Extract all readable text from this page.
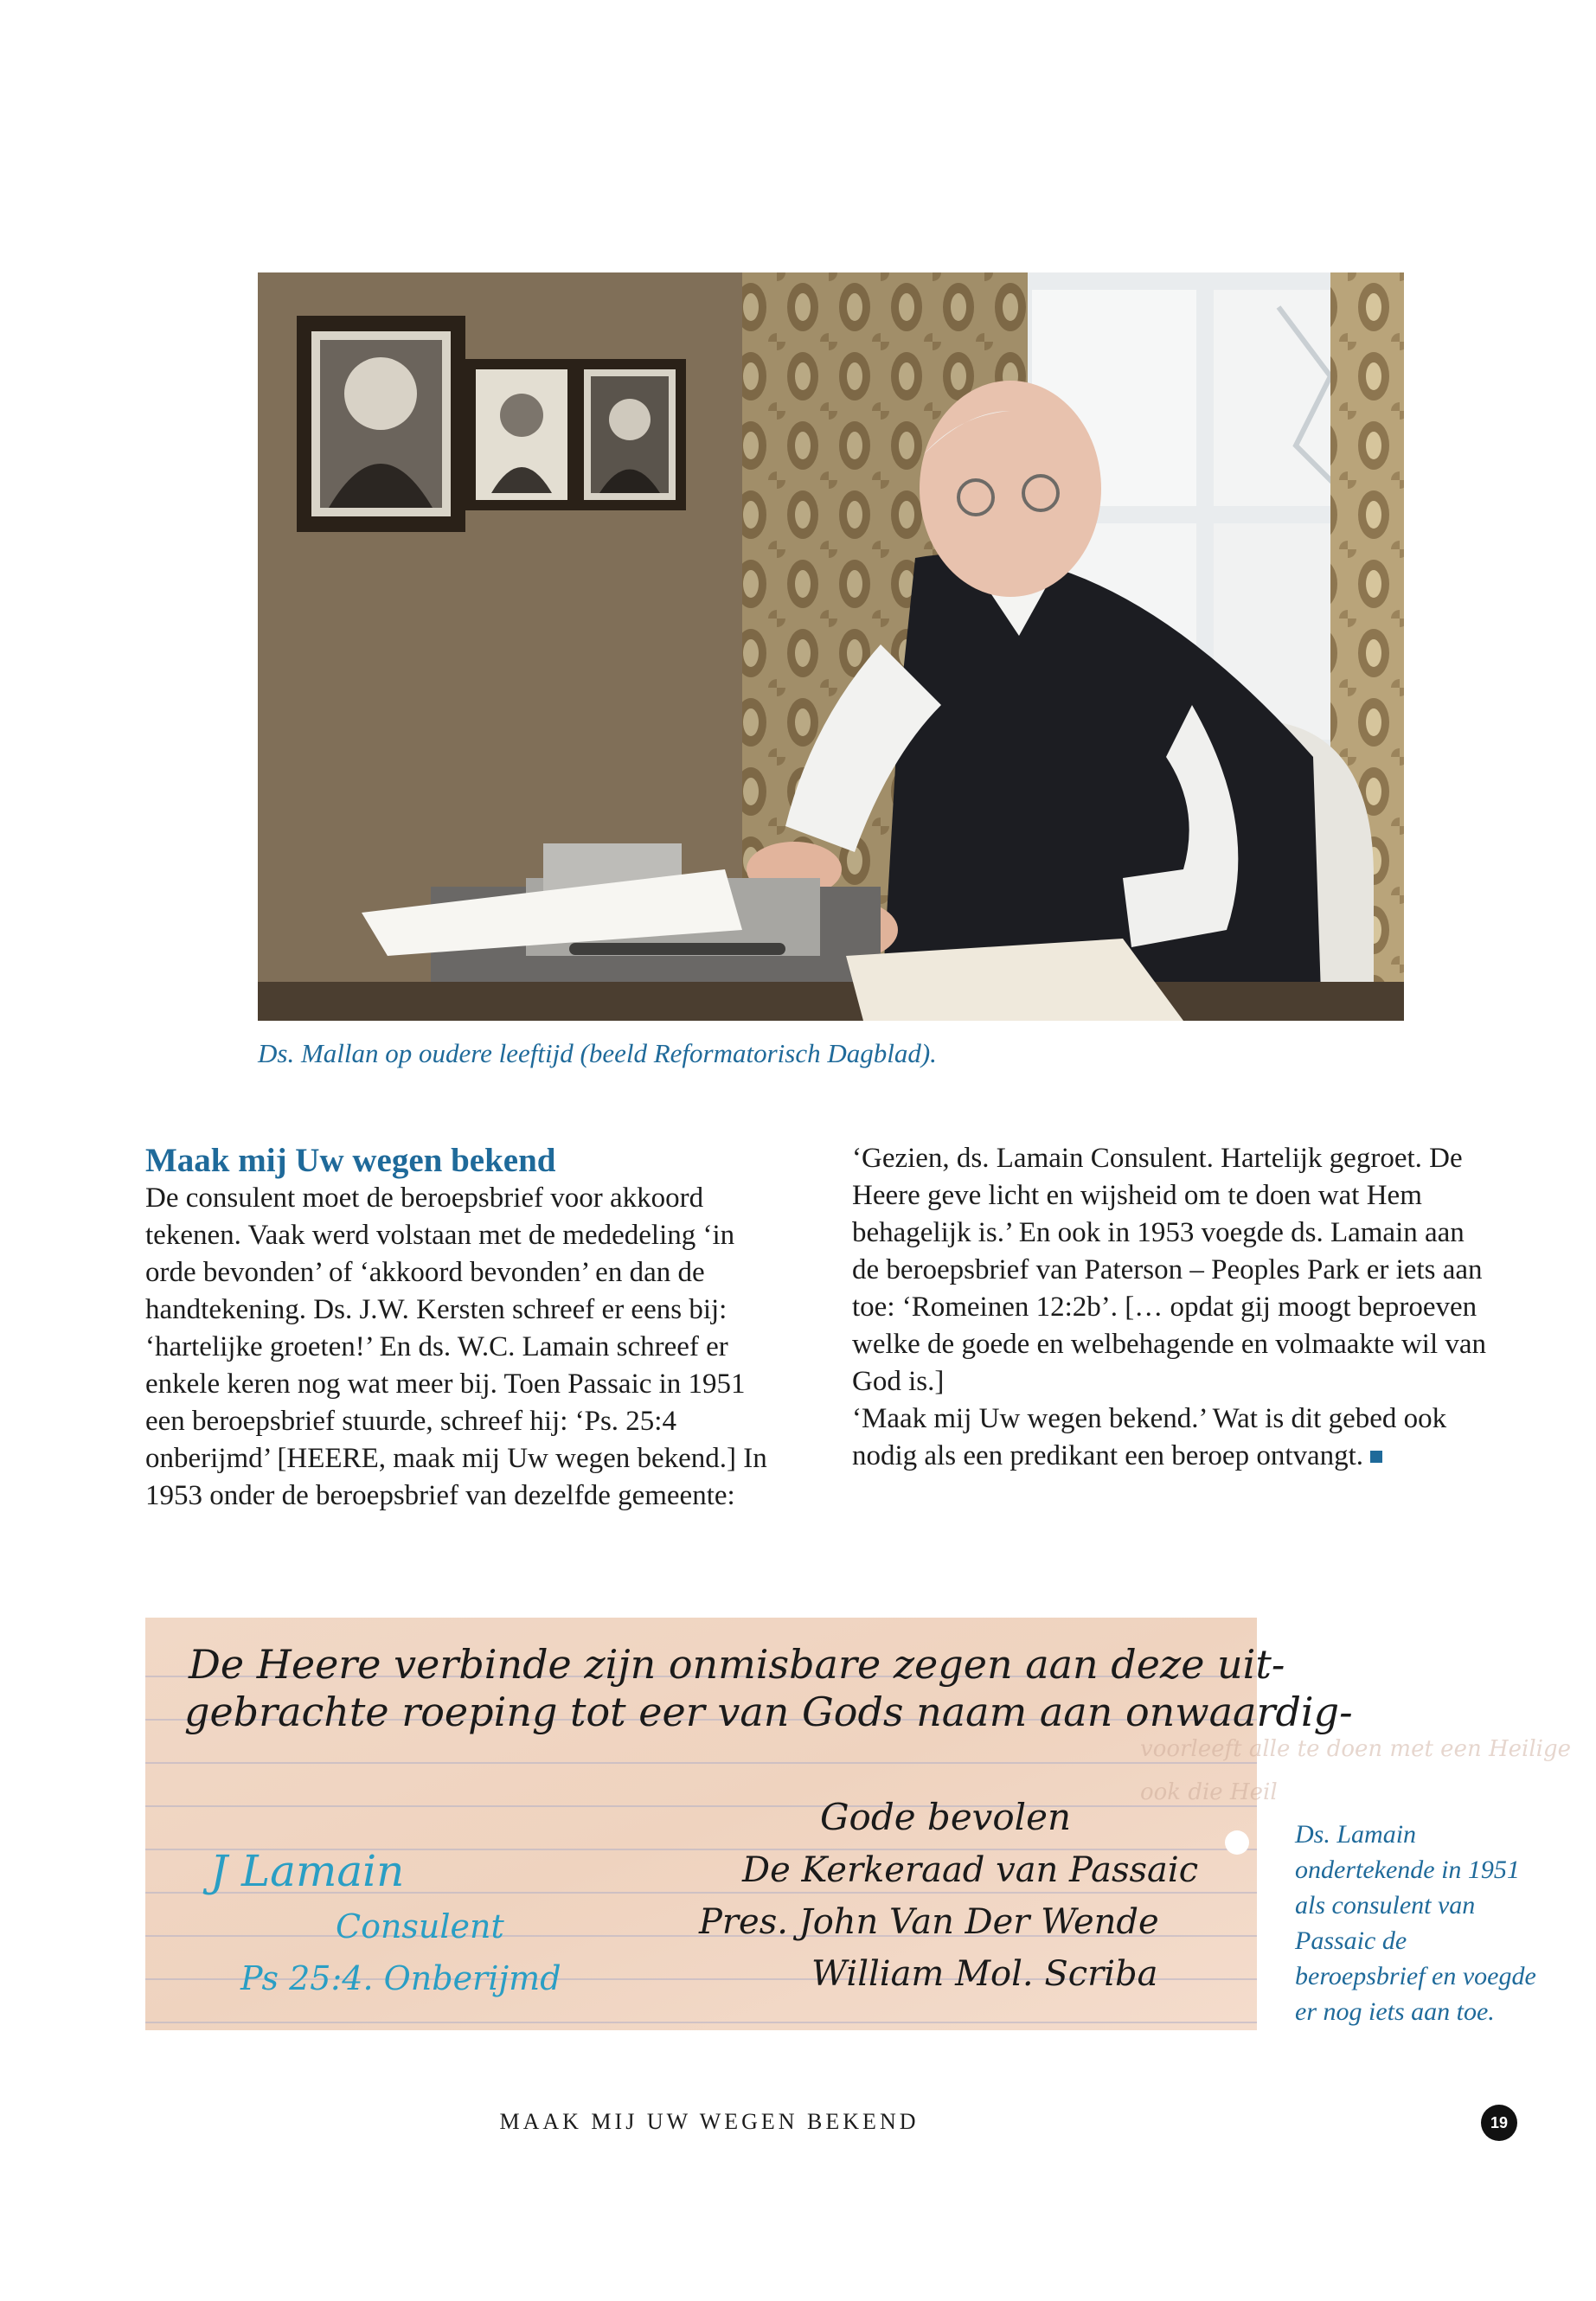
Ds. Mallan op oudere leeftijd (beeld Reformatorisch Dagblad).
Maak mij Uw wegen bekend

De consulent moet de beroepsbrief voor akkoord tekenen. Vaak werd volstaan met de mededeling ‘in orde bevonden’ of ‘akkoord bevonden’ en dan de handtekening. Ds. J.W. Kersten schreef er eens bij: ‘hartelijke groeten!’ En ds. W.C. Lamain schreef er enkele keren nog wat meer bij. Toen Passaic in 1951 een beroepsbrief stuurde, schreef hij: ‘Ps. 25:4 onberijmd’ [HEERE, maak mij Uw wegen bekend.] In 1953 onder de beroepsbrief van dezelfde gemeente:

‘Gezien, ds. Lamain Consulent. Hartelijk gegroet. De Heere geve licht en wijsheid om te doen wat Hem behagelijk is.’ En ook in 1953 voegde ds. Lamain aan de beroepsbrief van Paterson – Peoples Park er iets aan toe: ‘Romeinen 12:2b’. [… opdat gij moogt beproeven welke de goede en welbehagende en volmaakte wil van God is.]

‘Maak mij Uw wegen bekend.’ Wat is dit gebed ook nodig als een predikant een beroep ontvangt.

voorleeft alle te doen met een Heilige
ook die Heil
De Heere verbinde zijn onmisbare zegen aan deze uit-
gebrachte roeping tot eer van Gods naam aan onwaardig-
Gode bevolen
De Kerkeraad van Passaic
Pres. John Van Der Wende
William Mol. Scriba
J Lamain
Consulent
Ps 25:4. Onberijmd
Ds. Lamain ondertekende in 1951 als consulent van Passaic de beroepsbrief en voegde er nog iets aan toe.
MAAK MIJ UW WEGEN BEKEND	19
